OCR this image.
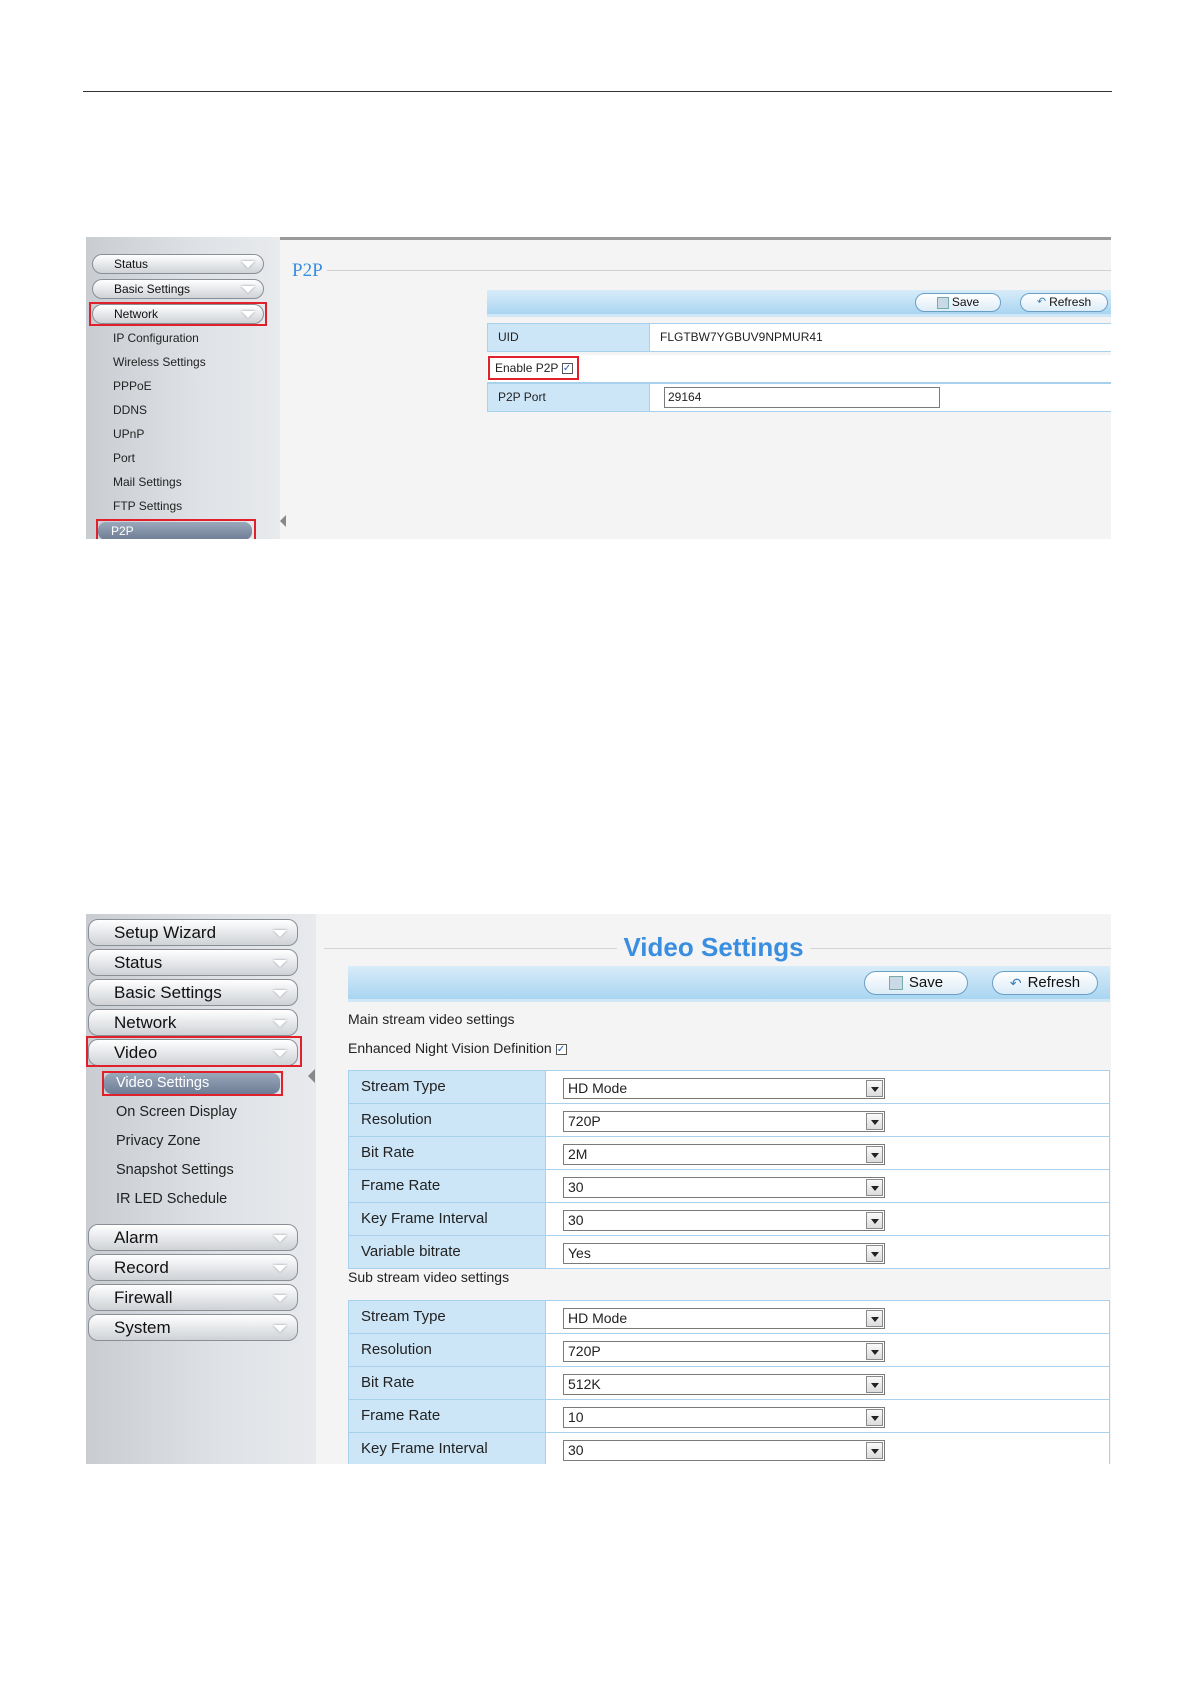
Status
Basic Settings
Network
IP Configuration
Wireless Settings
PPPoE
DDNS
UPnP
Port
Mail Settings
FTP Settings
P2P
P2P
Save	↶ Refresh
UID	FLGTBW7YGBUV9NPMUR41
Enable P2P ✓
P2P Port	29164
Setup Wizard
Status
Basic Settings
Network
Video
Video Settings
On Screen Display
Privacy Zone
Snapshot Settings
IR LED Schedule
Alarm
Record
Firewall
System
Video Settings
Save	↶ Refresh
Main stream video settings
Enhanced Night Vision Definition ✓
Stream Type	HD Mode
Resolution	720P
Bit Rate	2M
Frame Rate	30
Key Frame Interval	30
Variable bitrate	Yes
Sub stream video settings
Stream Type	HD Mode
Resolution	720P
Bit Rate	512K
Frame Rate	10
Key Frame Interval	30
